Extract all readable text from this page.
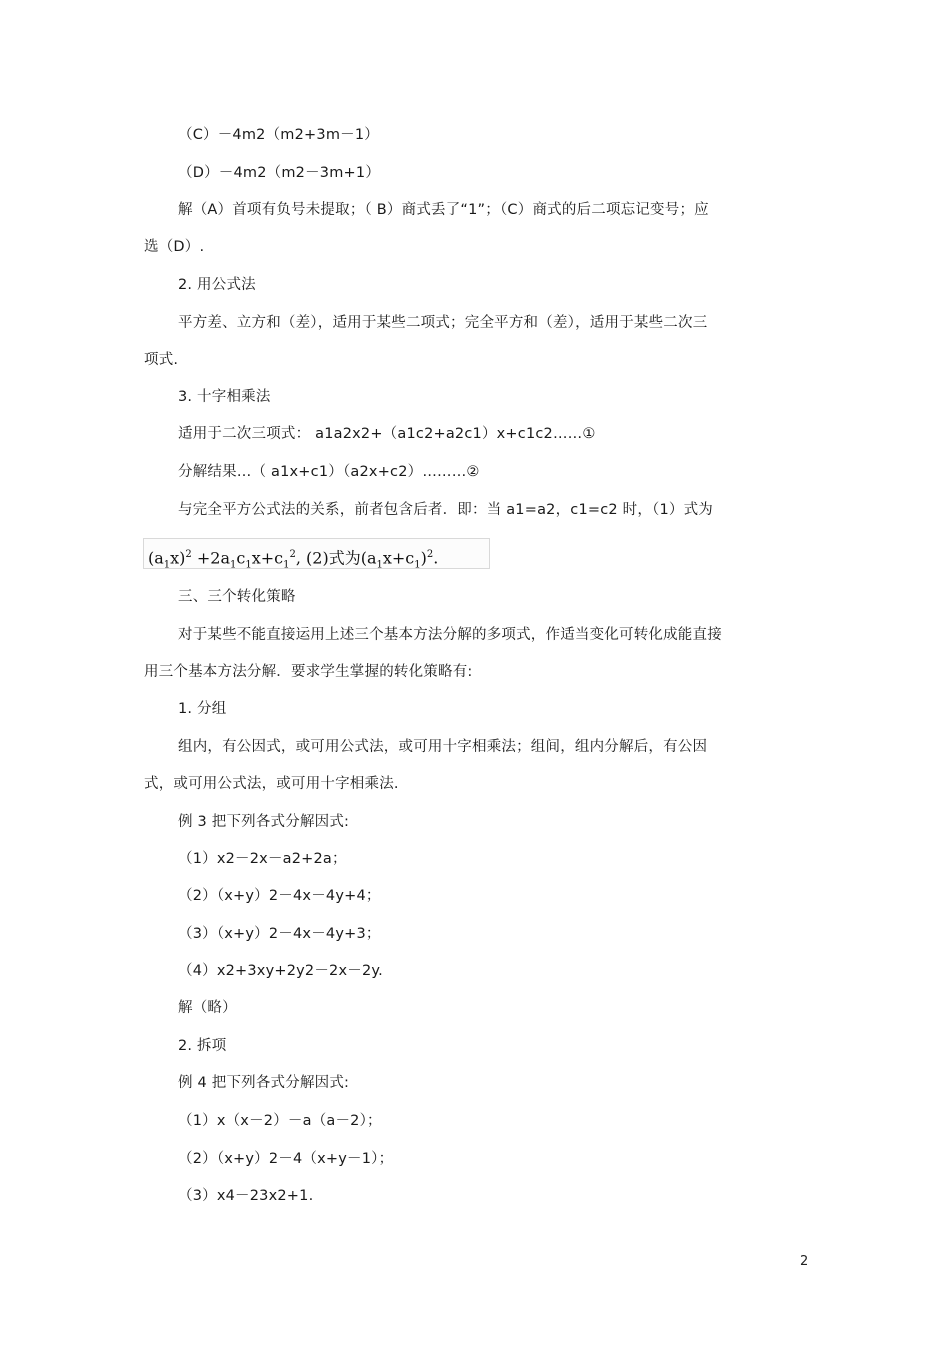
（C）－4m2（m2+3m－1）
（D）－4m2（m2－3m+1）
解（A）首项有负号未提取；（ B）商式丢了“1”；（C）商式的后二项忘记变号；应
选（D）.
2. 用公式法
平方差、立方和（差），适用于某些二项式；完全平方和（差），适用于某些二次三
项式.
3. 十字相乘法
适用于二次三项式： a1a2x2+（a1c2+a2c1）x+c1c2……①
分解结果…（ a1x+c1）（a2x+c2）………②
与完全平方公式法的关系，前者包含后者．即：当 a1=a2，c1=c2 时，（1）式为
$(a_1x)^2 +2a_1c_1x+c_1^2$, (2)式为$(a_1x+c_1)^2$.
三、三个转化策略
对于某些不能直接运用上述三个基本方法分解的多项式，作适当变化可转化成能直接
用三个基本方法分解．要求学生掌握的转化策略有:
1. 分组
组内，有公因式，或可用公式法，或可用十字相乘法；组间，组内分解后，有公因
式，或可用公式法，或可用十字相乘法.
例 3 把下列各式分解因式:
（1）x2－2x－a2+2a；
（2）（x+y）2－4x－4y+4；
（3）（x+y）2－4x－4y+3；
（4）x2+3xy+2y2－2x－2y.
解（略）
2. 拆项
例 4 把下列各式分解因式:
（1）x（x－2）－a（a－2）；
（2）（x+y）2－4（x+y－1）；
（3）x4－23x2+1.
2
